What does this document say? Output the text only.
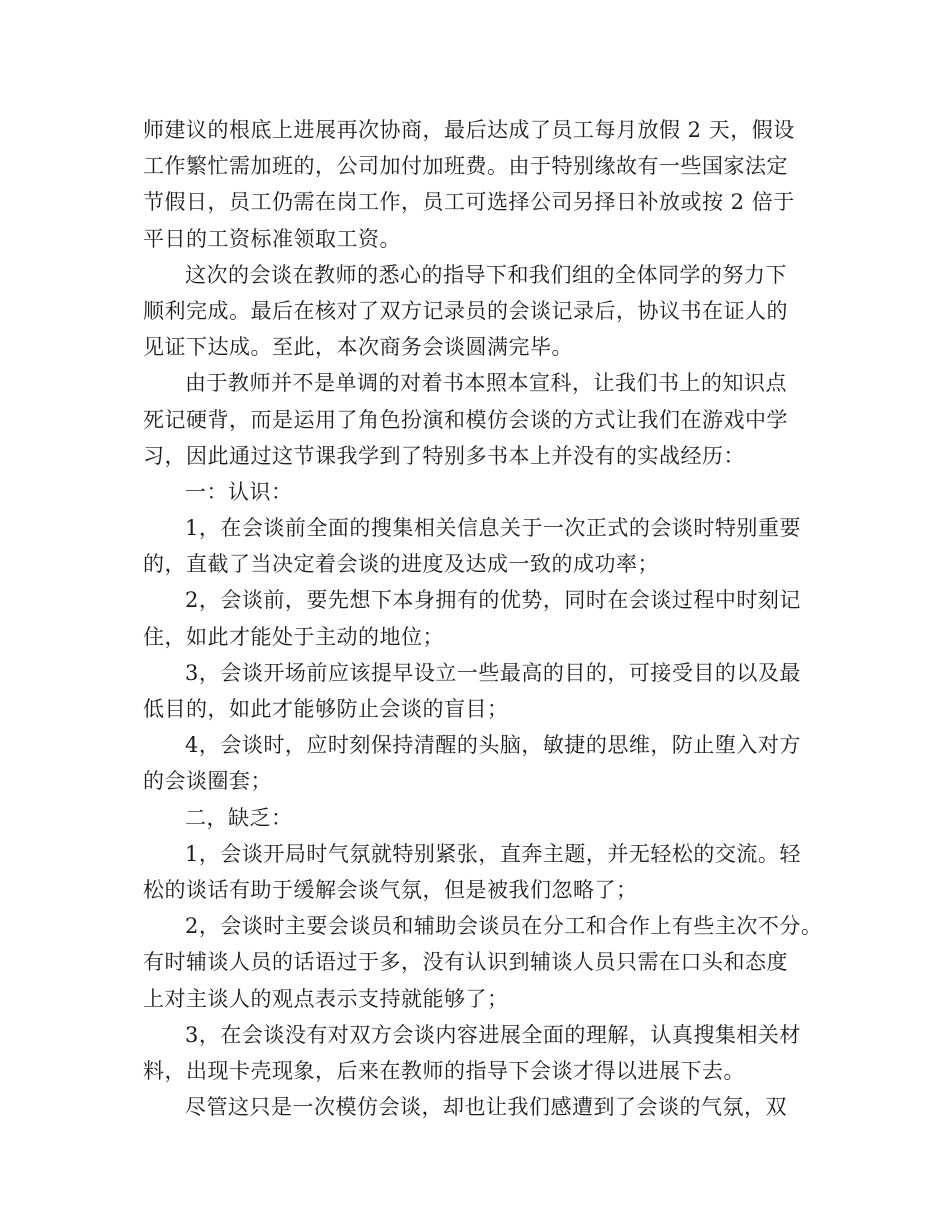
师建议的根底上进展再次协商，最后达成了员工每月放假 2 天，假设
工作繁忙需加班的，公司加付加班费。由于特别缘故有一些国家法定
节假日，员工仍需在岗工作，员工可选择公司另择日补放或按 2 倍于
平日的工资标准领取工资。
这次的会谈在教师的悉心的指导下和我们组的全体同学的努力下
顺利完成。最后在核对了双方记录员的会谈记录后，协议书在证人的
见证下达成。至此，本次商务会谈圆满完毕。
由于教师并不是单调的对着书本照本宣科，让我们书上的知识点
死记硬背，而是运用了角色扮演和模仿会谈的方式让我们在游戏中学
习，因此通过这节课我学到了特别多书本上并没有的实战经历：
一：认识：
1，在会谈前全面的搜集相关信息关于一次正式的会谈时特别重要
的，直截了当决定着会谈的进度及达成一致的成功率；
2，会谈前，要先想下本身拥有的优势，同时在会谈过程中时刻记
住，如此才能处于主动的地位；
3，会谈开场前应该提早设立一些最高的目的，可接受目的以及最
低目的，如此才能够防止会谈的盲目；
4，会谈时，应时刻保持清醒的头脑，敏捷的思维，防止堕入对方
的会谈圈套；
二，缺乏：
1，会谈开局时气氛就特别紧张，直奔主题，并无轻松的交流。轻
松的谈话有助于缓解会谈气氛，但是被我们忽略了；
2，会谈时主要会谈员和辅助会谈员在分工和合作上有些主次不分。
有时辅谈人员的话语过于多，没有认识到辅谈人员只需在口头和态度
上对主谈人的观点表示支持就能够了；
3，在会谈没有对双方会谈内容进展全面的理解，认真搜集相关材
料，出现卡壳现象，后来在教师的指导下会谈才得以进展下去。
尽管这只是一次模仿会谈，却也让我们感遭到了会谈的气氛，双
